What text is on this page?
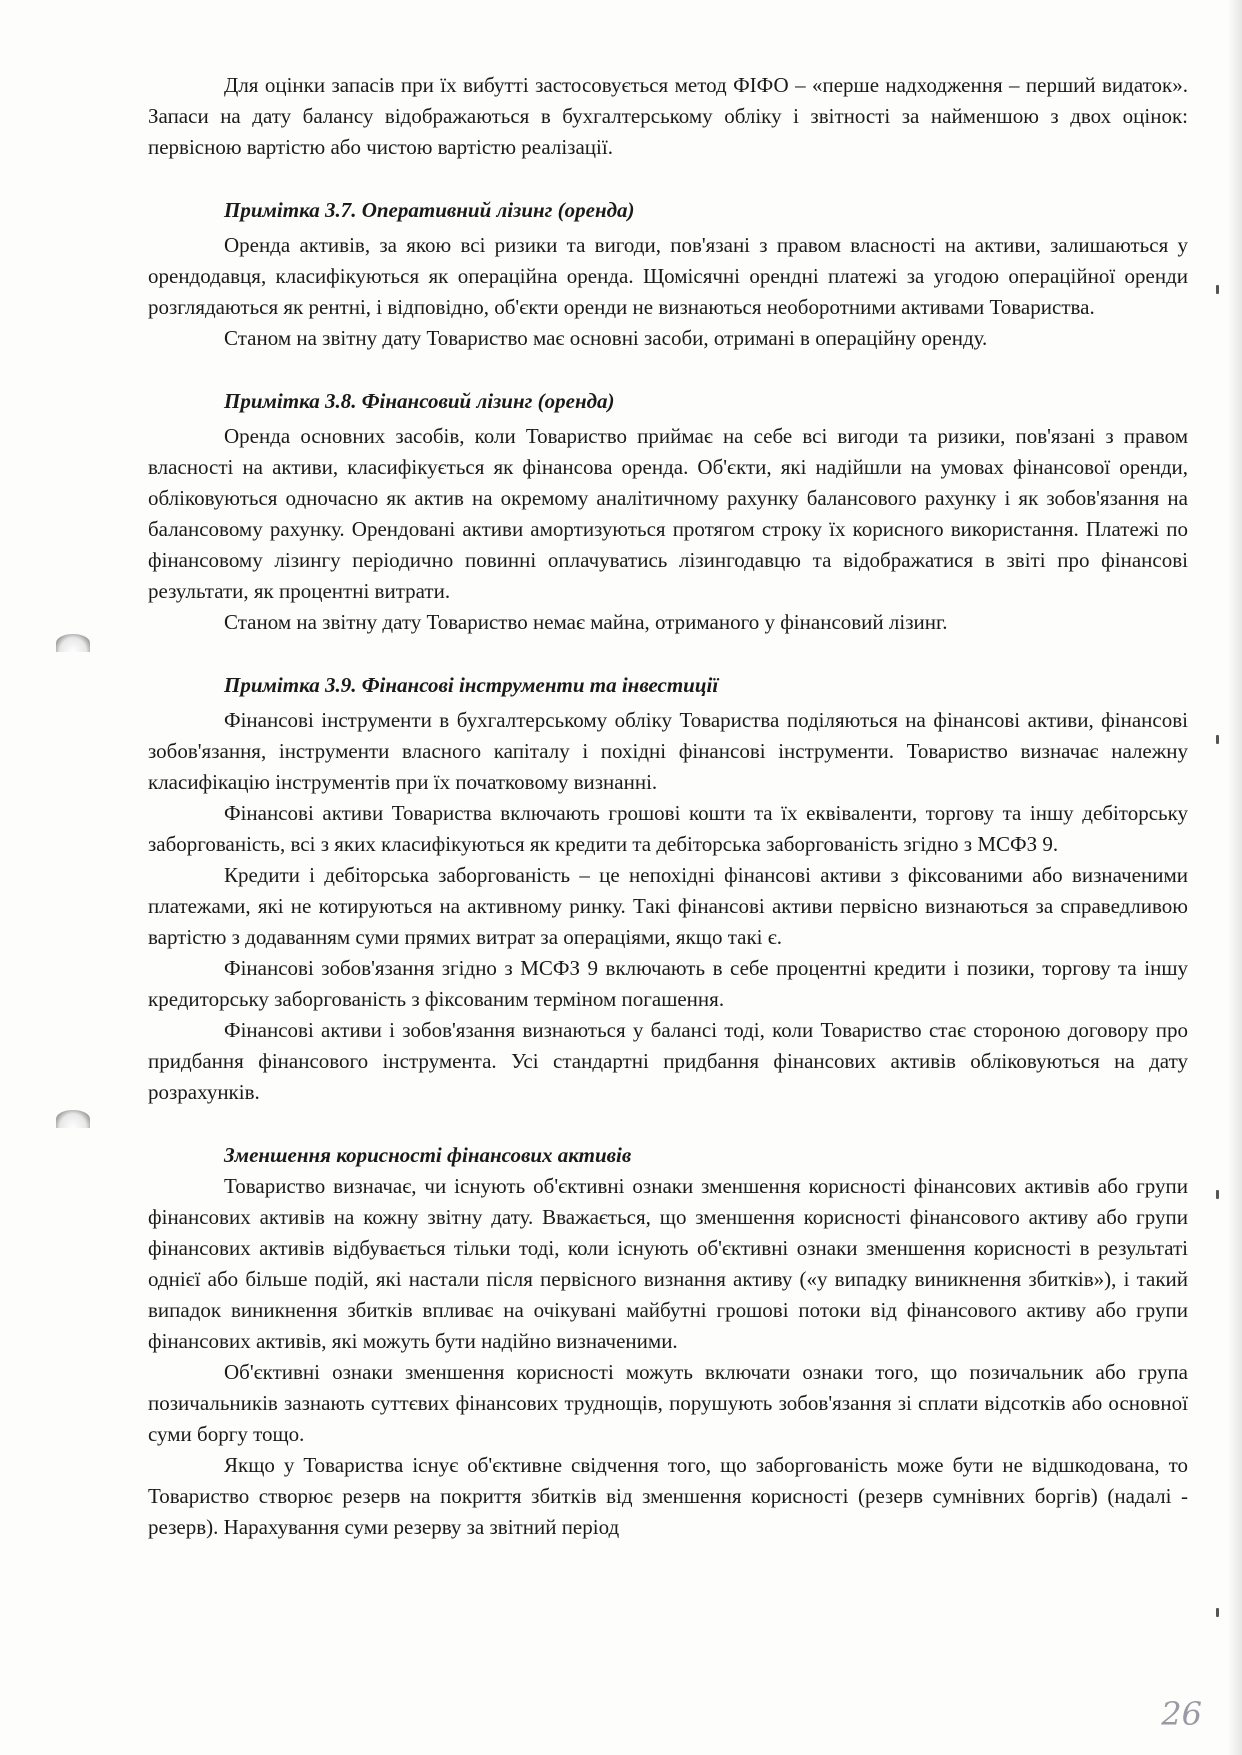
Для оцінки запасів при їх вибутті застосовується метод ФІФО – «перше надходження – перший видаток». Запаси на дату балансу відображаються в бухгалтерському обліку і звітності за найменшою з двох оцінок: первісною вартістю або чистою вартістю реалізації.

Примітка 3.7. Оперативний лізинг (оренда)

Оренда активів, за якою всі ризики та вигоди, пов'язані з правом власності на активи, залишаються у орендодавця, класифікуються як операційна оренда. Щомісячні орендні платежі за угодою операційної оренди розглядаються як рентні, і відповідно, об'єкти оренди не визнаються необоротними активами Товариства.

Станом на звітну дату Товариство має основні засоби, отримані в операційну оренду.

Примітка 3.8. Фінансовий лізинг (оренда)

Оренда основних засобів, коли Товариство приймає на себе всі вигоди та ризики, пов'язані з правом власності на активи, класифікується як фінансова оренда. Об'єкти, які надійшли на умовах фінансової оренди, обліковуються одночасно як актив на окремому аналітичному рахунку балансового рахунку і як зобов'язання на балансовому рахунку. Орендовані активи амортизуються протягом строку їх корисного використання. Платежі по фінансовому лізингу періодично повинні оплачуватись лізингодавцю та відображатися в звіті про фінансові результати, як процентні витрати.

Станом на звітну дату Товариство немає майна, отриманого у фінансовий лізинг.

Примітка 3.9. Фінансові інструменти та інвестиції

Фінансові інструменти в бухгалтерському обліку Товариства поділяються на фінансові активи, фінансові зобов'язання, інструменти власного капіталу і похідні фінансові інструменти. Товариство визначає належну класифікацію інструментів при їх початковому визнанні.

Фінансові активи Товариства включають грошові кошти та їх еквіваленти, торгову та іншу дебіторську заборгованість, всі з яких класифікуються як кредити та дебіторська заборгованість згідно з МСФЗ 9.

Кредити і дебіторська заборгованість – це непохідні фінансові активи з фіксованими або визначеними платежами, які не котируються на активному ринку. Такі фінансові активи первісно визнаються за справедливою вартістю з додаванням суми прямих витрат за операціями, якщо такі є.

Фінансові зобов'язання згідно з МСФЗ 9 включають в себе процентні кредити і позики, торгову та іншу кредиторську заборгованість з фіксованим терміном погашення.

Фінансові активи і зобов'язання визнаються у балансі тоді, коли Товариство стає стороною договору про придбання фінансового інструмента. Усі стандартні придбання фінансових активів обліковуються на дату розрахунків.

Зменшення корисності фінансових активів

Товариство визначає, чи існують об'єктивні ознаки зменшення корисності фінансових активів або групи фінансових активів на кожну звітну дату. Вважається, що зменшення корисності фінансового активу або групи фінансових активів відбувається тільки тоді, коли існують об'єктивні ознаки зменшення корисності в результаті однієї або більше подій, які настали після первісного визнання активу («у випадку виникнення збитків»), і такий випадок виникнення збитків впливає на очікувані майбутні грошові потоки від фінансового активу або групи фінансових активів, які можуть бути надійно визначеними.

Об'єктивні ознаки зменшення корисності можуть включати ознаки того, що позичальник або група позичальників зазнають суттєвих фінансових труднощів, порушують зобов'язання зі сплати відсотків або основної суми боргу тощо.

Якщо у Товариства існує об'єктивне свідчення того, що заборгованість може бути не відшкодована, то Товариство створює резерв на покриття збитків від зменшення корисності (резерв сумнівних боргів) (надалі - резерв). Нарахування суми резерву за звітний період

26
